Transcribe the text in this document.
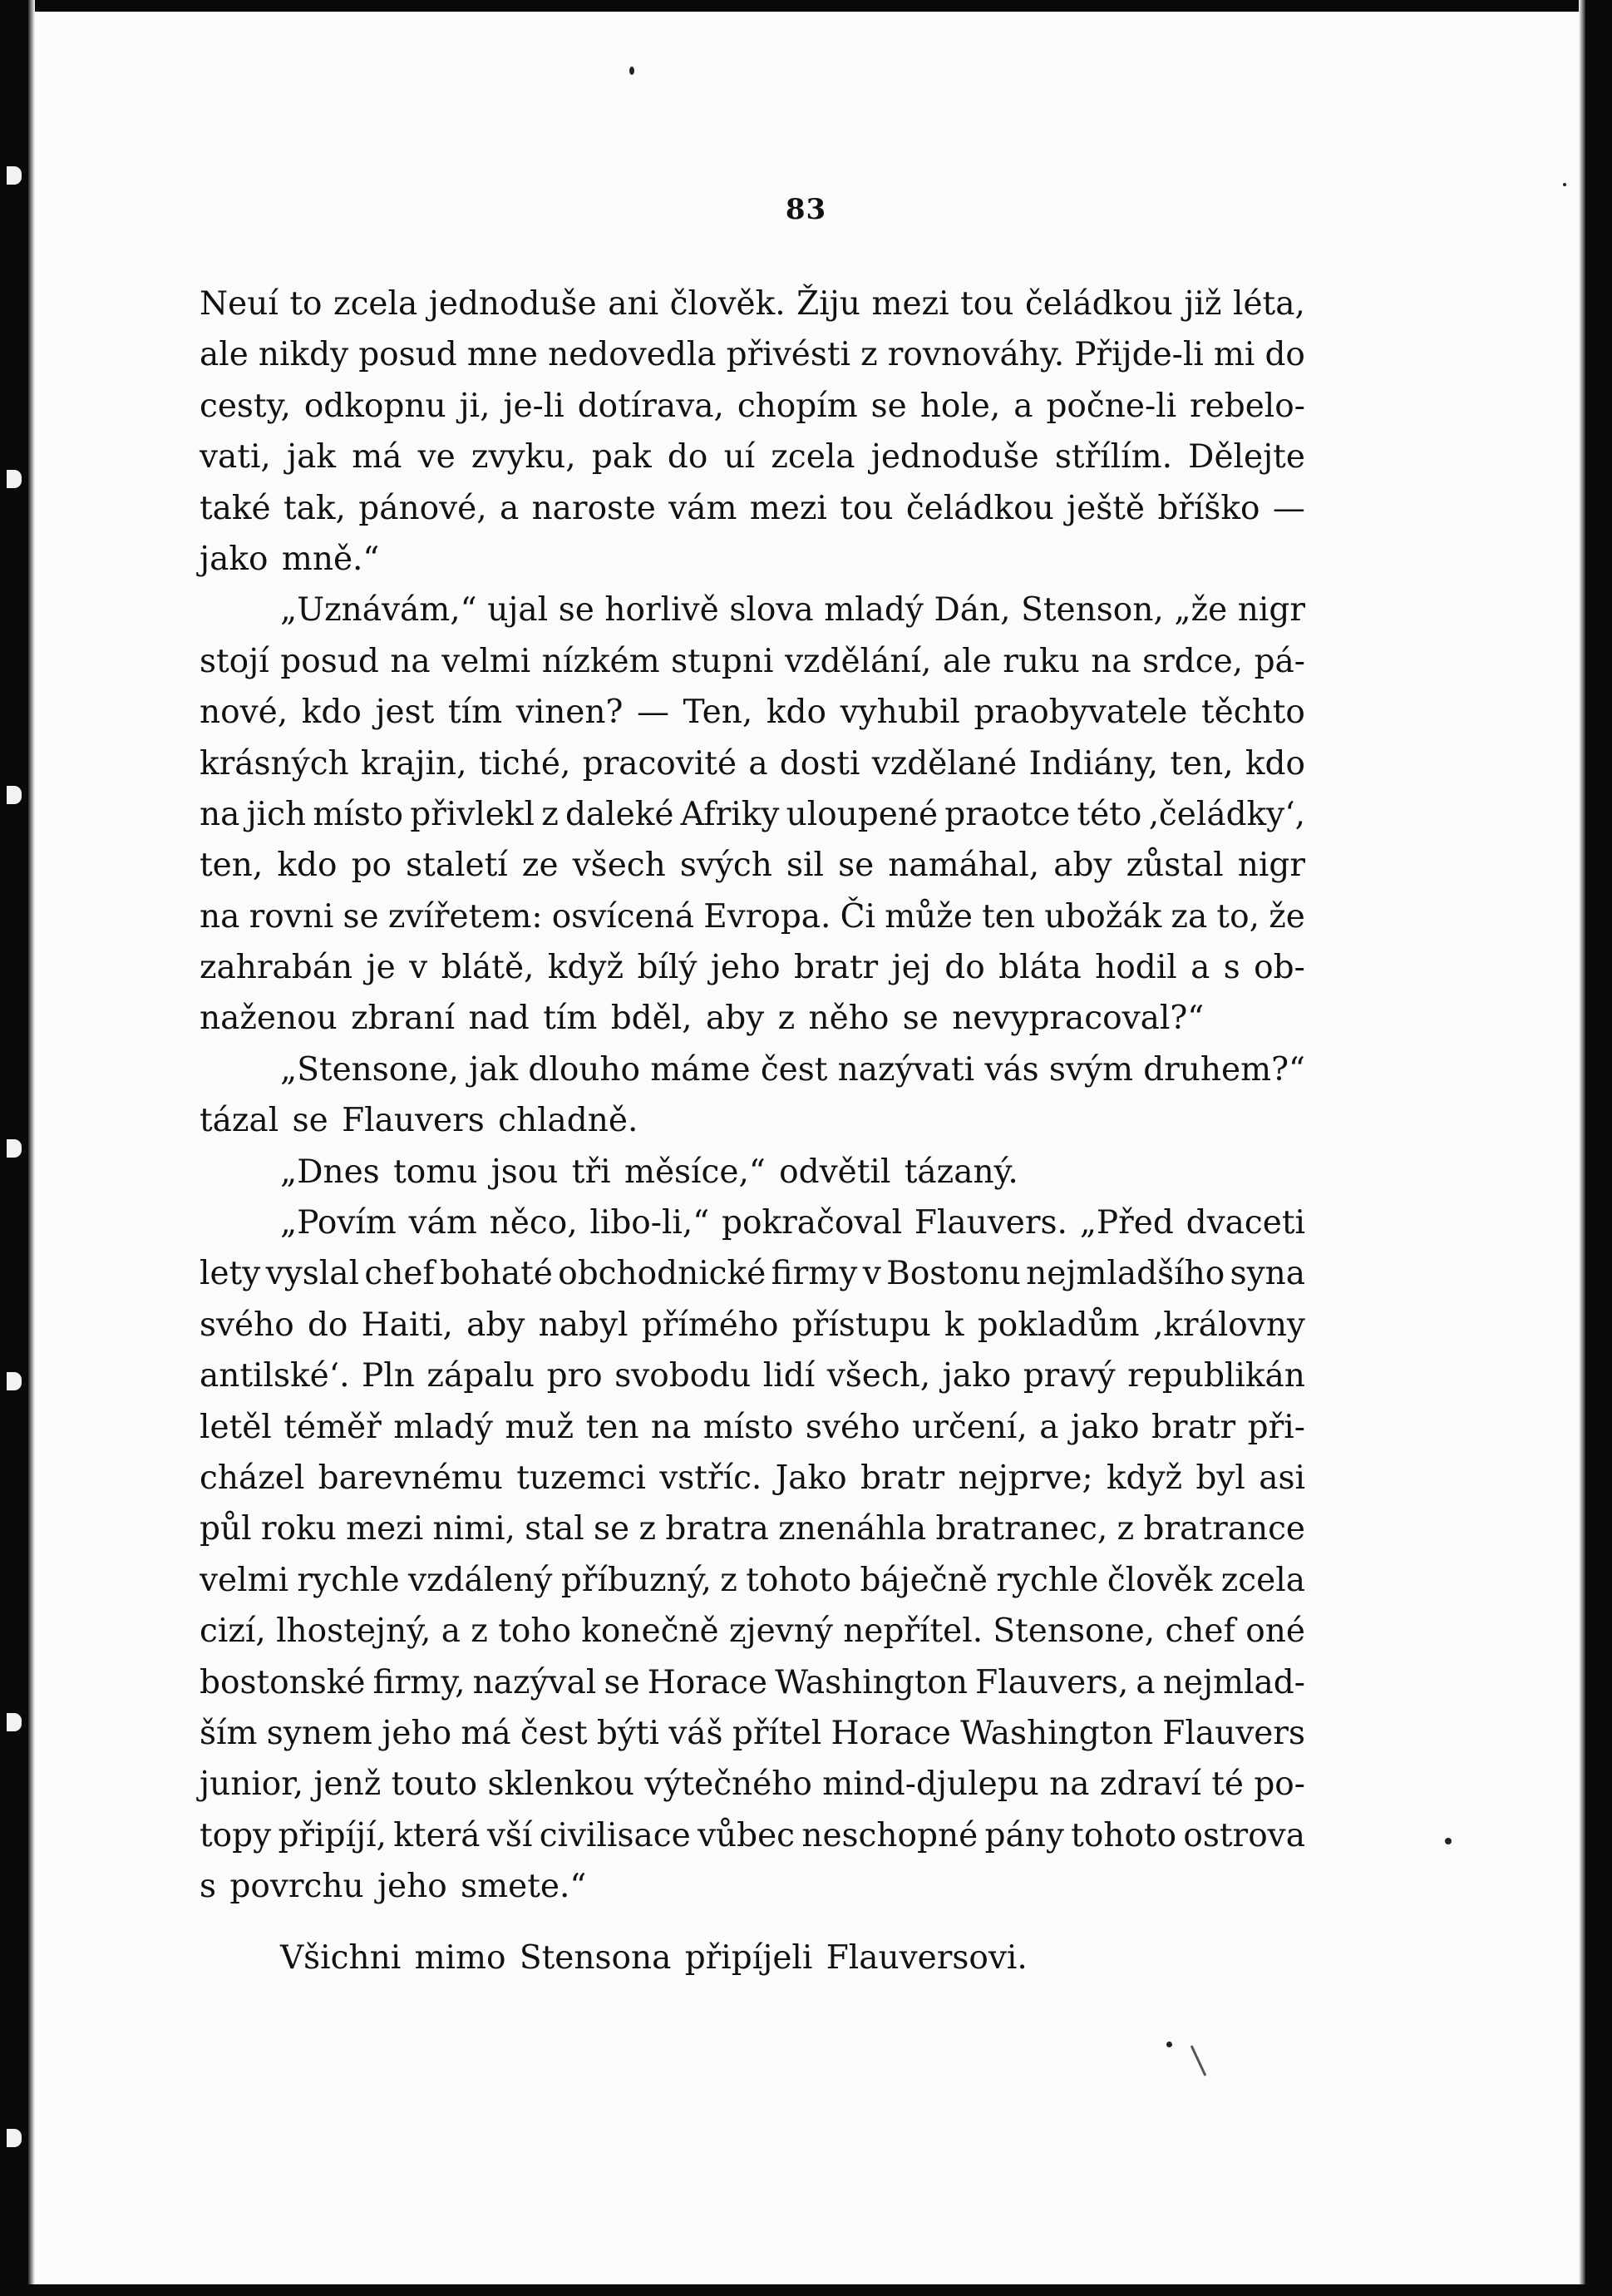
83
Neuí to zcela jednoduše ani člověk. Žiju mezi tou čeládkou již léta,
ale nikdy posud mne nedovedla přivésti z rovnováhy. Přijde-li mi do
cesty, odkopnu ji, je-li dotírava, chopím se hole, a počne-li rebelo-
vati, jak má ve zvyku, pak do uí zcela jednoduše střílím. Dělejte
také tak, pánové, a naroste vám mezi tou čeládkou ještě bříško —
jako mně.“
„Uznávám,“ ujal se horlivě slova mladý Dán, Stenson, „že nigr
stojí posud na velmi nízkém stupni vzdělání, ale ruku na srdce, pá-
nové, kdo jest tím vinen? — Ten, kdo vyhubil praobyvatele těchto
krásných krajin, tiché, pracovité a dosti vzdělané Indiány, ten, kdo
na jich místo přivlekl z daleké Afriky uloupené praotce této ‚čeládky‘,
ten, kdo po staletí ze všech svých sil se namáhal, aby zůstal nigr
na rovni se zvířetem: osvícená Evropa. Či může ten ubožák za to, že
zahrabán je v blátě, když bílý jeho bratr jej do bláta hodil a s ob-
naženou zbraní nad tím bděl, aby z něho se nevypracoval?“
„Stensone, jak dlouho máme čest nazývati vás svým druhem?“
tázal se Flauvers chladně.
„Dnes tomu jsou tři měsíce,“ odvětil tázaný.
„Povím vám něco, libo-li,“ pokračoval Flauvers. „Před dvaceti
lety vyslal chef bohaté obchodnické firmy v Bostonu nejmladšího syna
svého do Haiti, aby nabyl přímého přístupu k pokladům ‚královny
antilské‘. Pln zápalu pro svobodu lidí všech, jako pravý republikán
letěl téměř mladý muž ten na místo svého určení, a jako bratr při-
cházel barevnému tuzemci vstříc. Jako bratr nejprve; když byl asi
půl roku mezi nimi, stal se z bratra znenáhla bratranec, z bratrance
velmi rychle vzdálený příbuzný, z tohoto báječně rychle člověk zcela
cizí, lhostejný, a z toho konečně zjevný nepřítel. Stensone, chef oné
bostonské firmy, nazýval se Horace Washington Flauvers, a nejmlad-
ším synem jeho má čest býti váš přítel Horace Washington Flauvers
junior, jenž touto sklenkou výtečného mind-djulepu na zdraví té po-
topy připíjí, která vší civilisace vůbec neschopné pány tohoto ostrova
s povrchu jeho smete.“
Všichni mimo Stensona připíjeli Flauversovi.
